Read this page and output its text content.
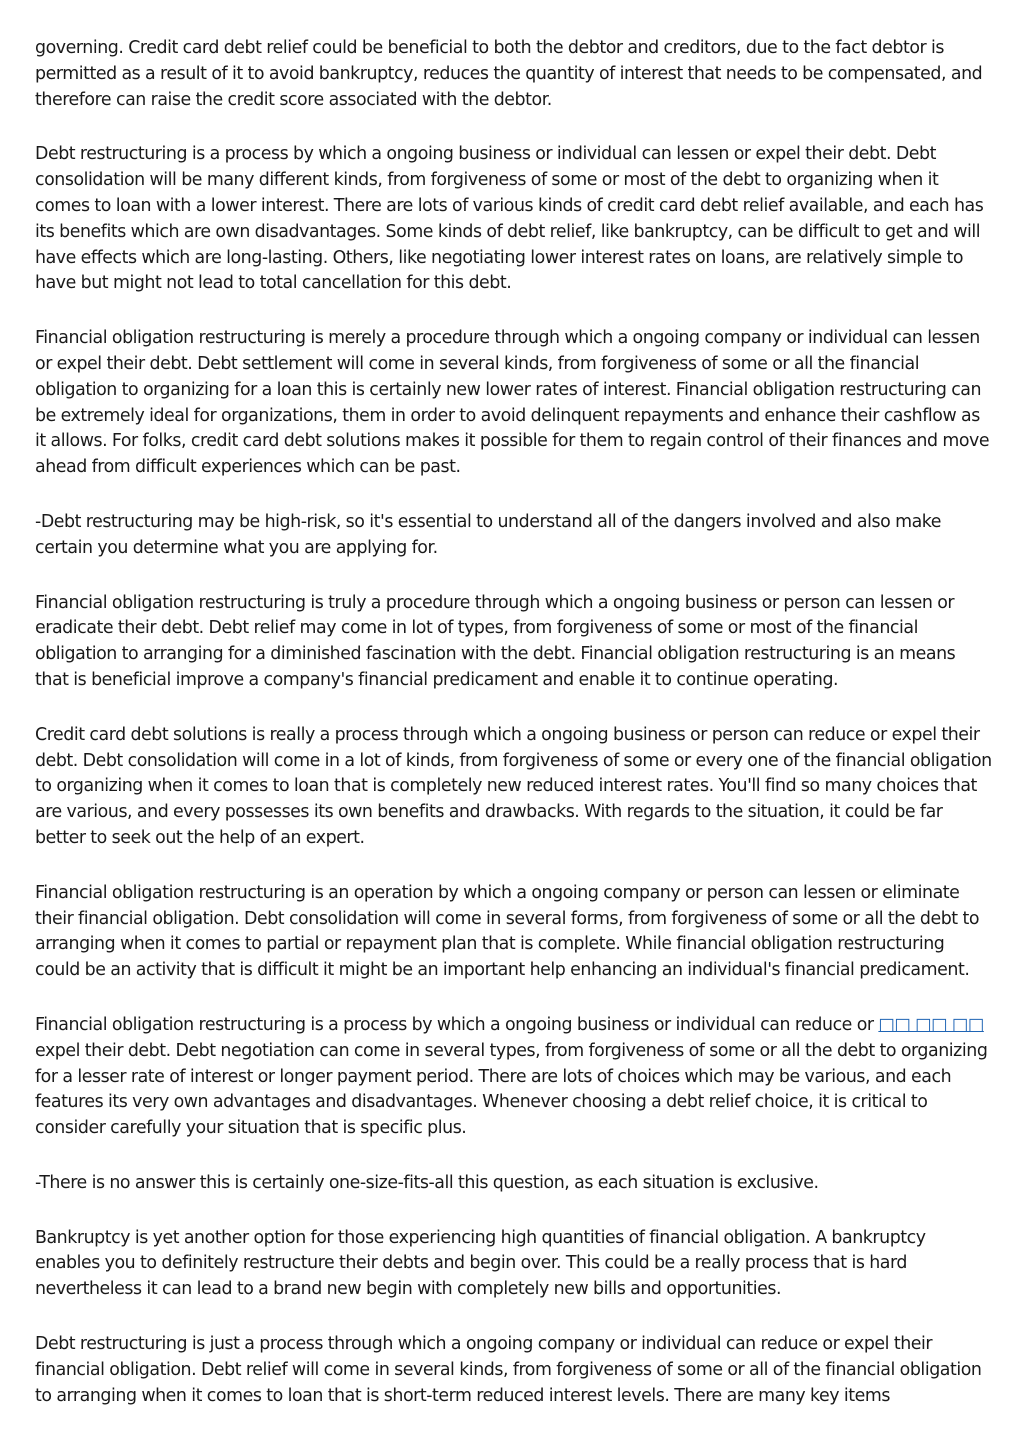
governing. Credit card debt relief could be beneficial to both the debtor and creditors, due to the fact debtor is permitted as a result of it to avoid bankruptcy, reduces the quantity of interest that needs to be compensated, and therefore can raise the credit score associated with the debtor.

Debt restructuring is a process by which a ongoing business or individual can lessen or expel their debt. Debt consolidation will be many different kinds, from forgiveness of some or most of the debt to organizing when it comes to loan with a lower interest. There are lots of various kinds of credit card debt relief available, and each has its benefits which are own disadvantages. Some kinds of debt relief, like bankruptcy, can be difficult to get and will have effects which are long-lasting. Others, like negotiating lower interest rates on loans, are relatively simple to have but might not lead to total cancellation for this debt.

Financial obligation restructuring is merely a procedure through which a ongoing company or individual can lessen or expel their debt. Debt settlement will come in several kinds, from forgiveness of some or all the financial obligation to organizing for a loan this is certainly new lower rates of interest. Financial obligation restructuring can be extremely ideal for organizations, them in order to avoid delinquent repayments and enhance their cashflow as it allows. For folks, credit card debt solutions makes it possible for them to regain control of their finances and move ahead from difficult experiences which can be past.

-Debt restructuring may be high-risk, so it's essential to understand all of the dangers involved and also make certain you determine what you are applying for.

Financial obligation restructuring is truly a procedure through which a ongoing business or person can lessen or eradicate their debt. Debt relief may come in lot of types, from forgiveness of some or most of the financial obligation to arranging for a diminished fascination with the debt. Financial obligation restructuring is an means that is beneficial improve a company's financial predicament and enable it to continue operating.

Credit card debt solutions is really a process through which a ongoing business or person can reduce or expel their debt. Debt consolidation will come in a lot of kinds, from forgiveness of some or every one of the financial obligation to organizing when it comes to loan that is completely new reduced interest rates. You'll find so many choices that are various, and every possesses its own benefits and drawbacks. With regards to the situation, it could be far better to seek out the help of an expert.

Financial obligation restructuring is an operation by which a ongoing company or person can lessen or eliminate their financial obligation. Debt consolidation will come in several forms, from forgiveness of some or all the debt to arranging when it comes to partial or repayment plan that is complete. While financial obligation restructuring could be an activity that is difficult it might be an important help enhancing an individual's financial predicament.

Financial obligation restructuring is a process by which a ongoing business or individual can reduce or □□ □□ □□ expel their debt. Debt negotiation can come in several types, from forgiveness of some or all the debt to organizing for a lesser rate of interest or longer payment period. There are lots of choices which may be various, and each features its very own advantages and disadvantages. Whenever choosing a debt relief choice, it is critical to consider carefully your situation that is specific plus.

-There is no answer this is certainly one-size-fits-all this question, as each situation is exclusive.

Bankruptcy is yet another option for those experiencing high quantities of financial obligation. A bankruptcy enables you to definitely restructure their debts and begin over. This could be a really process that is hard nevertheless it can lead to a brand new begin with completely new bills and opportunities.

Debt restructuring is just a process through which a ongoing company or individual can reduce or expel their financial obligation. Debt relief will come in several kinds, from forgiveness of some or all of the financial obligation to arranging when it comes to loan that is short-term reduced interest levels. There are many key items
